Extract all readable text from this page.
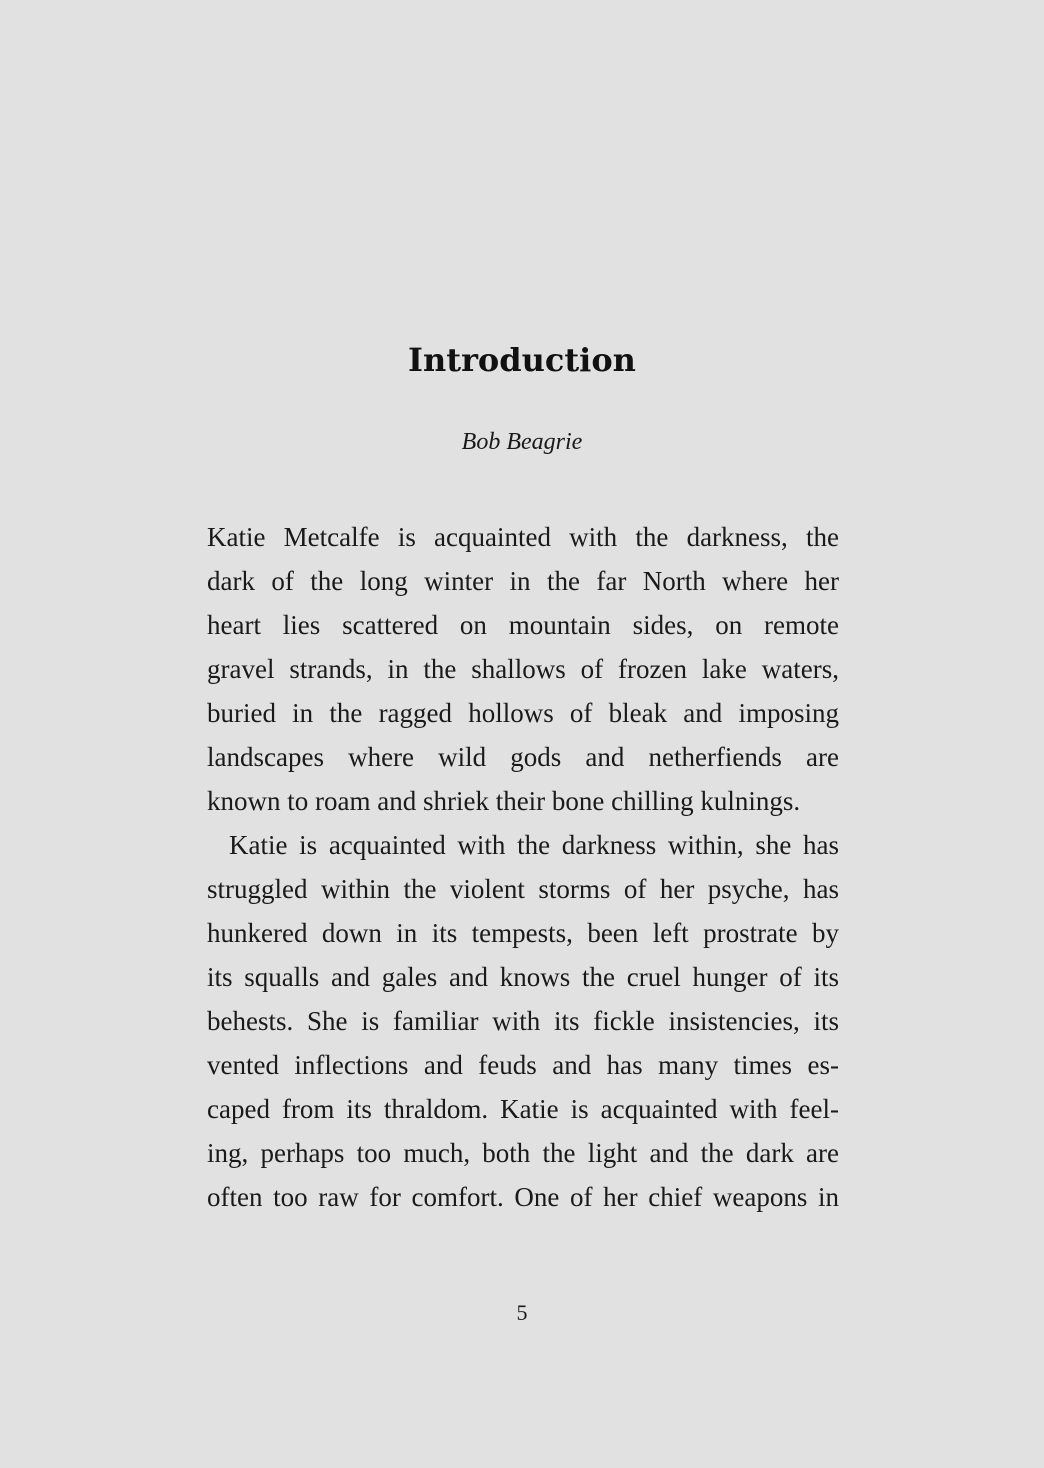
Introduction
Bob Beagrie
Katie Metcalfe is acquainted with the darkness, the
dark of the long winter in the far North where her
heart lies scattered on mountain sides, on remote
gravel strands, in the shallows of frozen lake waters,
buried in the ragged hollows of bleak and imposing
landscapes where wild gods and netherfiends are
known to roam and shriek their bone chilling kulnings.
Katie is acquainted with the darkness within, she has
struggled within the violent storms of her psyche, has
hunkered down in its tempests, been left prostrate by
its squalls and gales and knows the cruel hunger of its
behests. She is familiar with its fickle insistencies, its
vented inflections and feuds and has many times es-
caped from its thraldom. Katie is acquainted with feel-
ing, perhaps too much, both the light and the dark are
often too raw for comfort. One of her chief weapons in
5
